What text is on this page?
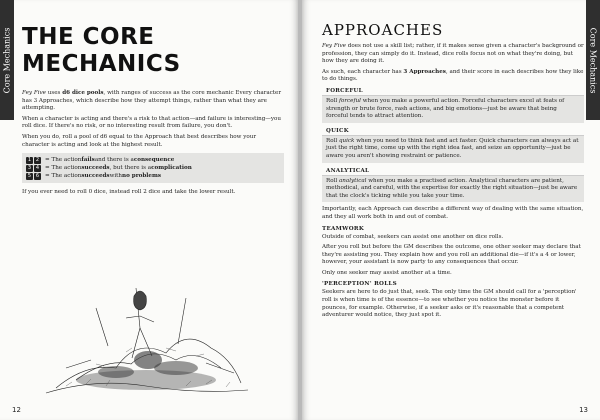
Core Mechanics THE CORE
MECHANICS

Fey Five uses d6 dice pools, with ranges of success as the core mechanic Every character has 3 Approaches, which describe how they attempt things, rather than what they are attempting.

When a character is acting and there's a risk to that action—and failure is interesting—you roll dice. If there's no risk, or no interesting result from failure, you don't.

When you do, roll a pool of d6 equal to the Approach that best describes how your character is acting and look at the highest result.

1 2	= The action fails and there is a consequence
3 4	= The action succeeds , but there is a complication
5 6	= The action succeeds with no problems

If you ever need to roll 0 dice, instead roll 2 dice and take the lower result.

12
Core Mechanics
APPROACHES

Fey Five does not use a skill list; rather, if it makes sense given a character's background or profession, they can simply do it. Instead, dice rolls focus not on what they're doing, but how they are doing it.

As such, each character has 3 Approaches, and their score in each describes how they like to do things.

FORCEFUL

Roll forceful when you make a powerful action. Forceful characters excel at feats of strength or brute force, rash actions, and big emotions—just be aware that being forceful tends to attract attention.

QUICK

Roll quick when you need to think fast and act faster. Quick characters can always act at just the right time, come up with the right idea fast, and seize an opportunity—just be aware you aren't showing restraint or patience.

ANALYTICAL

Roll analytical when you make a practised action. Analytical characters are patient, methodical, and careful, with the expertise for exactly the right situation—just be aware that the clock's ticking while you take your time.

Importantly, each Approach can describe a different way of dealing with the same situation, and they all work both in and out of combat.

TEAMWORK

Outside of combat, seekers can assist one another on dice rolls.

After you roll but before the GM describes the outcome, one other seeker may declare that they're assisting you. They explain how and you roll an additional die—if it's a 4 or lower, however, your assistant is now party to any consequences that occur.

Only one seeker may assist another at a time.

'PERCEPTION' ROLLS

Seekers are here to do just that, seek. The only time the GM should call for a 'perception' roll is when time is of the essence—to see whether you notice the monster before it pounces, for example. Otherwise, if a seeker asks or it's reasonable that a competent adventurer would notice, they just spot it.

13
